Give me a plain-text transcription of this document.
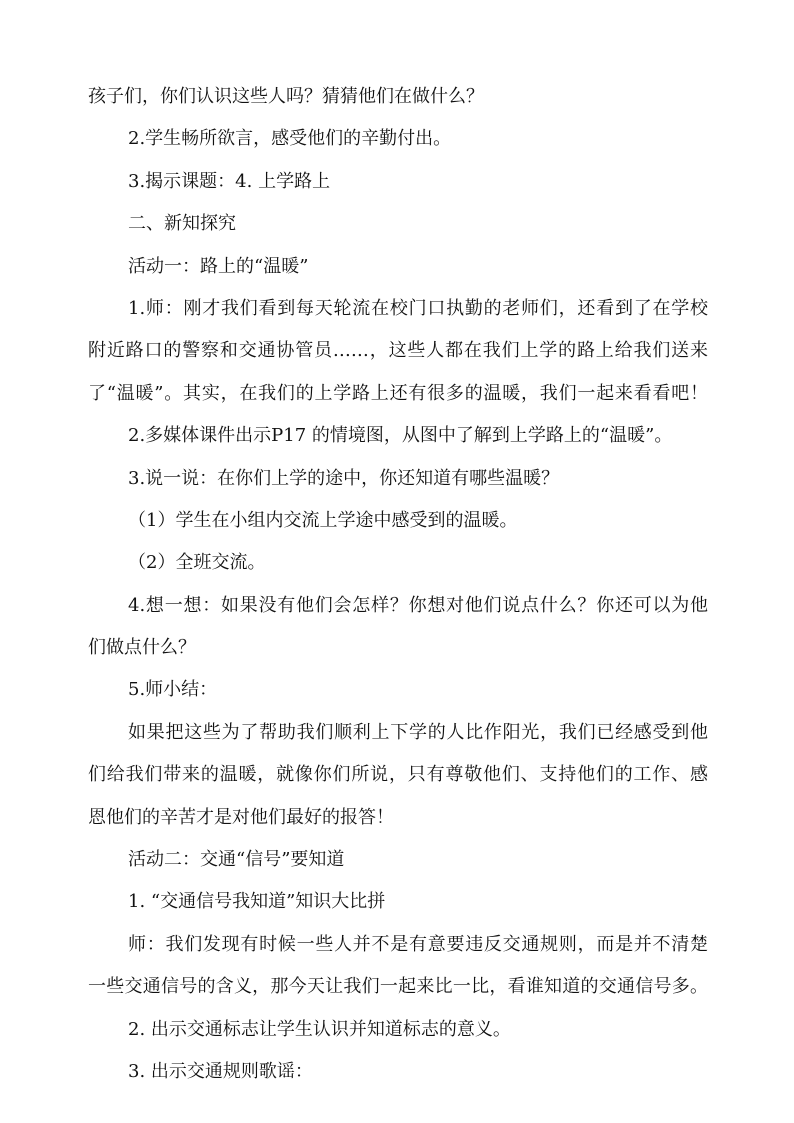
孩子们，你们认识这些人吗？猜猜他们在做什么？
2.学生畅所欲言，感受他们的辛勤付出。
3.揭示课题：4. 上学路上
二、新知探究
活动一：路上的“温暖”
1.师：刚才我们看到每天轮流在校门口执勤的老师们，还看到了在学校
附近路口的警察和交通协管员……，这些人都在我们上学的路上给我们送来
了“温暖”。其实，在我们的上学路上还有很多的温暖，我们一起来看看吧！
2.多媒体课件出示P17 的情境图，从图中了解到上学路上的“温暖”。
3.说一说：在你们上学的途中，你还知道有哪些温暖？
（1）学生在小组内交流上学途中感受到的温暖。
（2）全班交流。
4.想一想：如果没有他们会怎样？你想对他们说点什么？你还可以为他
们做点什么？
5.师小结：
如果把这些为了帮助我们顺利上下学的人比作阳光，我们已经感受到他
们给我们带来的温暖，就像你们所说，只有尊敬他们、支持他们的工作、感
恩他们的辛苦才是对他们最好的报答！
活动二：交通“信号”要知道
1. “交通信号我知道”知识大比拼
师：我们发现有时候一些人并不是有意要违反交通规则，而是并不清楚
一些交通信号的含义，那今天让我们一起来比一比，看谁知道的交通信号多。
2. 出示交通标志让学生认识并知道标志的意义。
3. 出示交通规则歌谣：
